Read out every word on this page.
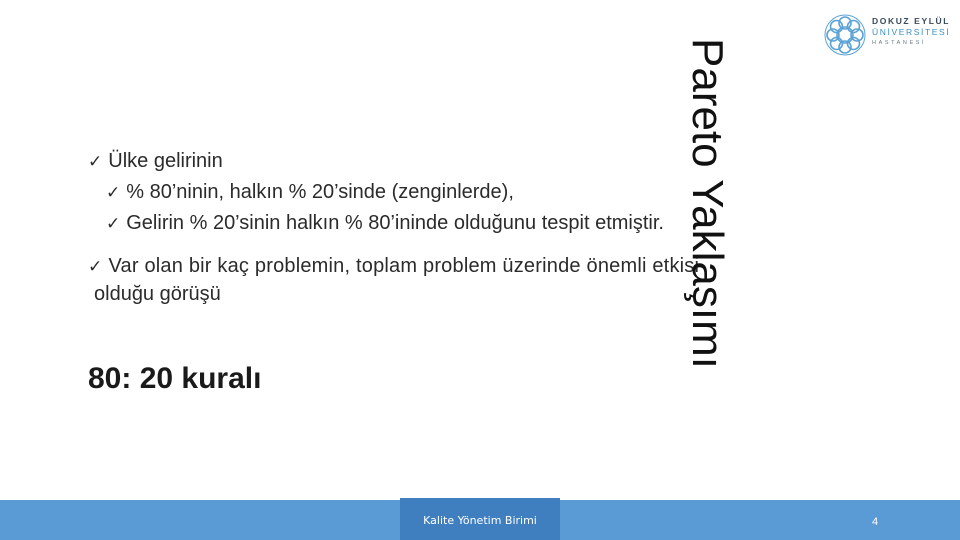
DOKUZ EYLÜL
ÜNİVERSİTESİ
HASTANESİ
✓ Ülke gelirinin
✓ % 80’ninin, halkın % 20’sinde (zenginlerde),
✓ Gelirin % 20’sinin halkın % 80’ininde olduğunu tespit etmiştir.
✓ Var olan bir kaç problemin, toplam problem üzerinde önemli etkisi
olduğu görüşü	Pareto Yaklaşımı
80: 20 kuralı
Kalite Yönetim Birimi	4
